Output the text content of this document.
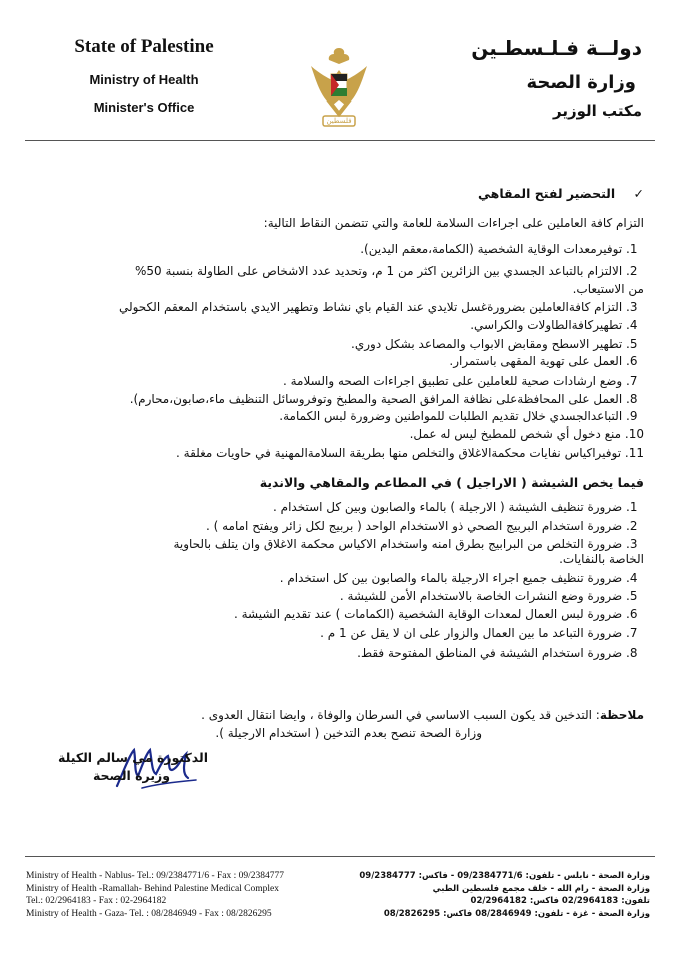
State of Palestine
Ministry of Health
Minister's Office
فلسطين
دولــة فـلـسطـين
وزارة الصحة
مكتب الوزير
✓ التحضير لفتح المقاهي
التزام كافة العاملين على اجراءات السلامة للعامة والتي تتضمن النقاط التالية:
1. توفيرمعدات الوقاية الشخصية (الكمامة،معقم اليدين).
2. الالتزام بالتباعد الجسدي بين الزائرين اكثر من 1 م، وتحديد عدد الاشخاص على الطاولة بنسبة 50%
من الاستيعاب.
3. التزام كافةالعاملين بضرورةغسل تلايدي عند القيام باي نشاط وتطهير الايدي باستخدام المعقم الكحولي
4. تطهيركافةالطاولات والكراسي.
5. تطهير الاسطح ومقابض الابواب والمصاعد بشكل دوري.
6. العمل على تهوية المقهى باستمرار.
7. وضع ارشادات صحية للعاملين على تطبيق اجراءات الصحه والسلامة .
8. العمل على المحافظةعلى نظافة المرافق الصحية والمطبخ وتوفروسائل التنظيف ماء،صابون،محارم).
9. التباعدالجسدي خلال تقديم الطلبات للمواطنين وضرورة لبس الكمامة.
10. منع دخول أي شخص للمطبخ ليس له عمل.
11. توفيراكياس نفايات محكمةالاغلاق والتخلص منها بطريقة السلامةالمهنية في حاويات مغلقة .
فيما يخص الشيشة ( الاراجيل ) في المطاعم والمقاهي والاندية
1. ضرورة تنظيف الشيشة ( الارجيلة ) بالماء والصابون وبين كل استخدام .
2. ضرورة استخدام البربيج الصحي ذو الاستخدام الواحد ( بربيج لكل زائر ويفتح امامه ) .
3. ضرورة التخلص من البرابيج بطرق امنه واستخدام الاكياس محكمة الاغلاق وان يتلف بالحاوية
الخاصة بالنفايات.
4. ضرورة تنظيف جميع اجراء الارجيلة بالماء والصابون بين كل استخدام .
5. ضرورة وضع النشرات الخاصة بالاستخدام الأمن للشيشة .
6. ضرورة لبس العمال لمعدات الوقاية الشخصية (الكمامات ) عند تقديم الشيشة .
7. ضرورة التباعد ما بين العمال والزوار على ان لا يقل عن 1 م .
8. ضرورة استخدام الشيشة في المناطق المفتوحة فقط.
ملاحظة: التدخين قد يكون السبب الاساسي في السرطان والوفاة ، وايضا انتقال العدوى .
وزارة الصحة تنصح بعدم التدخين ( استخدام الارجيلة ).
الدكتورة مي سالم الكيلة
وزيرة الصحة
Ministry of Health - Nablus- Tel.: 09/2384771/6 - Fax : 09/2384777
Ministry of Health -Ramallah- Behind Palestine Medical Complex
Tel.: 02/2964183 - Fax : 02-2964182
Ministry of Health - Gaza- Tel. : 08/2846949 - Fax : 08/2826295
وزارة الصحة - نابلس - تلفون: 09/2384771/6 - فاكس: 09/2384777
وزارة الصحة - رام الله - خلف مجمع فلسطين الطبي
تلفون: 02/2964183 فاكس: 02/2964182
وزارة الصحة - غزة - تلفون: 08/2846949 فاكس: 08/2826295
